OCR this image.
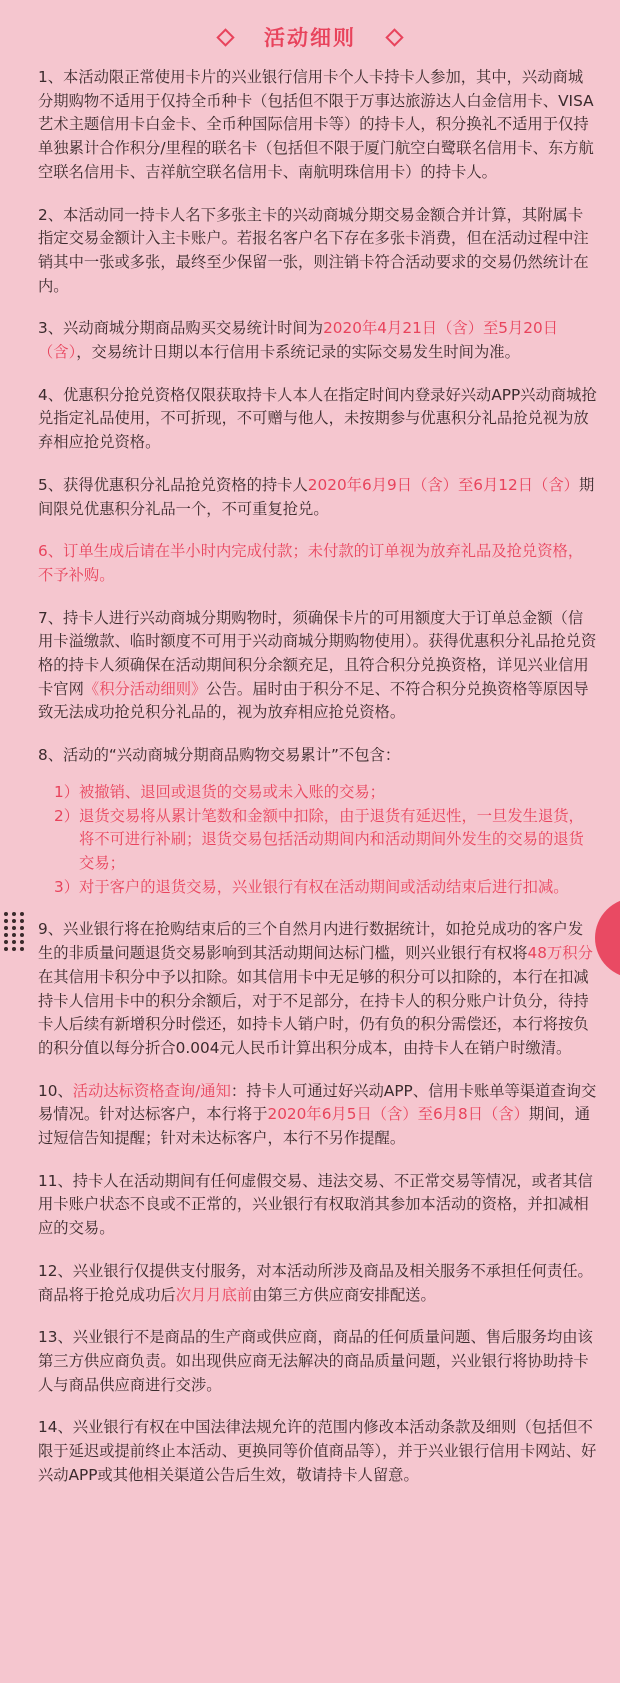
活动细则

1、本活动限正常使用卡片的兴业银行信用卡个人卡持卡人参加，其中，兴动商城分期购物不适用于仅持全币种卡（包括但不限于万事达旅游达人白金信用卡、VISA艺术主题信用卡白金卡、全币种国际信用卡等）的持卡人，积分换礼不适用于仅持单独累计合作积分/里程的联名卡（包括但不限于厦门航空白鹭联名信用卡、东方航空联名信用卡、吉祥航空联名信用卡、南航明珠信用卡）的持卡人。

2、本活动同一持卡人名下多张主卡的兴动商城分期交易金额合并计算，其附属卡指定交易金额计入主卡账户。若报名客户名下存在多张卡消费，但在活动过程中注销其中一张或多张，最终至少保留一张，则注销卡符合活动要求的交易仍然统计在内。

3、兴动商城分期商品购买交易统计时间为2020年4月21日（含）至5月20日（含），交易统计日期以本行信用卡系统记录的实际交易发生时间为准。

4、优惠积分抢兑资格仅限获取持卡人本人在指定时间内登录好兴动APP兴动商城抢兑指定礼品使用，不可折现，不可赠与他人，未按期参与优惠积分礼品抢兑视为放弃相应抢兑资格。

5、获得优惠积分礼品抢兑资格的持卡人2020年6月9日（含）至6月12日（含）期间限兑优惠积分礼品一个，不可重复抢兑。

6、订单生成后请在半小时内完成付款；未付款的订单视为放弃礼品及抢兑资格，不予补购。

7、持卡人进行兴动商城分期购物时，须确保卡片的可用额度大于订单总金额（信用卡溢缴款、临时额度不可用于兴动商城分期购物使用）。获得优惠积分礼品抢兑资格的持卡人须确保在活动期间积分余额充足，且符合积分兑换资格，详见兴业信用卡官网《积分活动细则》公告。届时由于积分不足、不符合积分兑换资格等原因导致无法成功抢兑积分礼品的，视为放弃相应抢兑资格。

8、活动的“兴动商城分期商品购物交易累计”不包含：

1） 被撤销、退回或退货的交易或未入账的交易；
2） 退货交易将从累计笔数和金额中扣除，由于退货有延迟性，一旦发生退货，将不可进行补刷；退货交易包括活动期间内和活动期间外发生的交易的退货交易；
3） 对于客户的退货交易，兴业银行有权在活动期间或活动结束后进行扣减。

9、兴业银行将在抢购结束后的三个自然月内进行数据统计，如抢兑成功的客户发生的非质量问题退货交易影响到其活动期间达标门槛，则兴业银行有权将48万积分在其信用卡积分中予以扣除。如其信用卡中无足够的积分可以扣除的，本行在扣减持卡人信用卡中的积分余额后，对于不足部分，在持卡人的积分账户计负分，待持卡人后续有新增积分时偿还，如持卡人销户时，仍有负的积分需偿还，本行将按负的积分值以每分折合0.004元人民币计算出积分成本，由持卡人在销户时缴清。

10、活动达标资格查询/通知：持卡人可通过好兴动APP、信用卡账单等渠道查询交易情况。针对达标客户，本行将于2020年6月5日（含）至6月8日（含）期间，通过短信告知提醒；针对未达标客户，本行不另作提醒。

11、持卡人在活动期间有任何虚假交易、违法交易、不正常交易等情况，或者其信用卡账户状态不良或不正常的，兴业银行有权取消其参加本活动的资格，并扣减相应的交易。

12、兴业银行仅提供支付服务，对本活动所涉及商品及相关服务不承担任何责任。商品将于抢兑成功后次月月底前由第三方供应商安排配送。

13、兴业银行不是商品的生产商或供应商，商品的任何质量问题、售后服务均由该第三方供应商负责。如出现供应商无法解决的商品质量问题，兴业银行将协助持卡人与商品供应商进行交涉。

14、兴业银行有权在中国法律法规允许的范围内修改本活动条款及细则（包括但不限于延迟或提前终止本活动、更换同等价值商品等），并于兴业银行信用卡网站、好兴动APP或其他相关渠道公告后生效，敬请持卡人留意。
